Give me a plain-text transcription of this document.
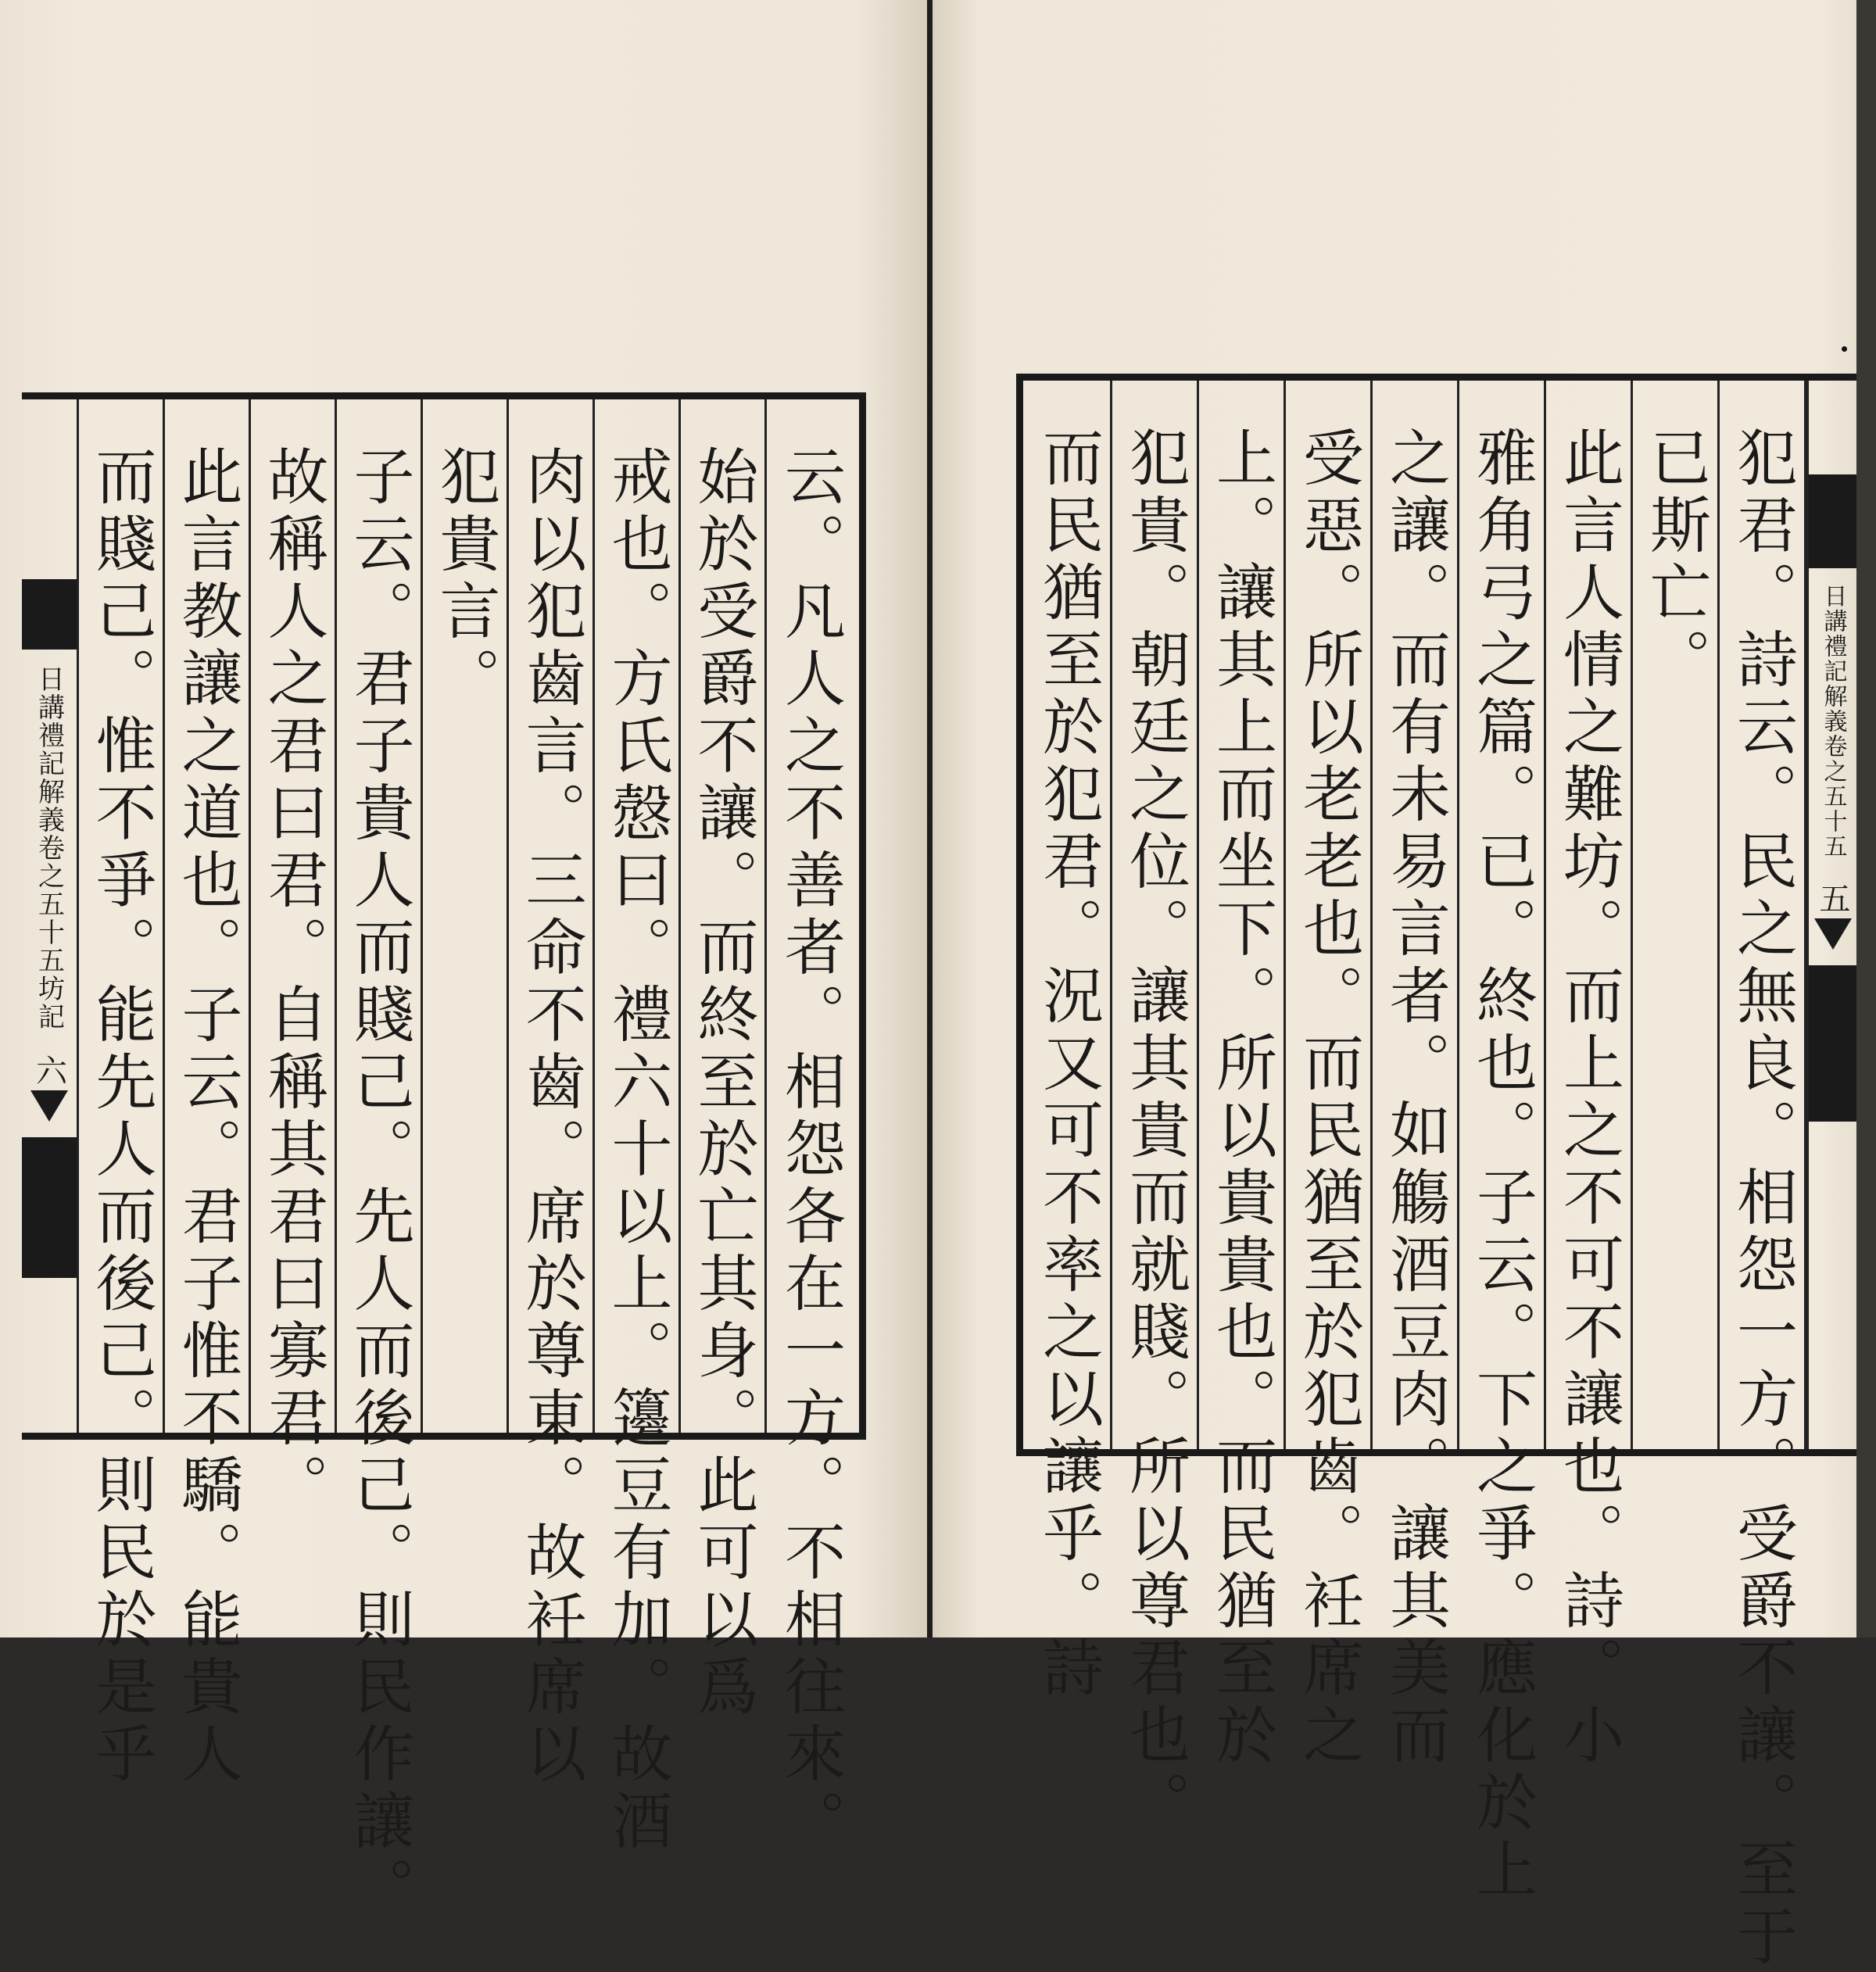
云。凡人之不善者。相怨各在一方。不相往來。
始於受爵不讓。而終至於亡其身。此可以爲
戒也。方氏慤曰。禮六十以上。籩豆有加。故酒
肉以犯齒言。三命不齒。席於尊東。故衽席以
犯貴言。
子云。君子貴人而賤己。先人而後己。則民作讓。
故稱人之君曰君。自稱其君曰寡君。
此言教讓之道也。子云。君子惟不驕。能貴人
而賤己。惟不爭。能先人而後己。則民於是乎
日講禮記解義卷之五十五坊記
六
日講禮記解義卷之五十五
五
犯君。詩云。民之無良。相怨一方。受爵不讓。至于
已斯亡。
此言人情之難坊。而上之不可不讓也。詩。小
雅角弓之篇。已。終也。子云。下之爭。應化於上
之讓。而有未易言者。如觴酒豆肉。讓其美而
受惡。所以老老也。而民猶至於犯齒。衽席之
上。讓其上而坐下。所以貴貴也。而民猶至於
犯貴。朝廷之位。讓其貴而就賤。所以尊君也。
而民猶至於犯君。況又可不率之以讓乎。詩
